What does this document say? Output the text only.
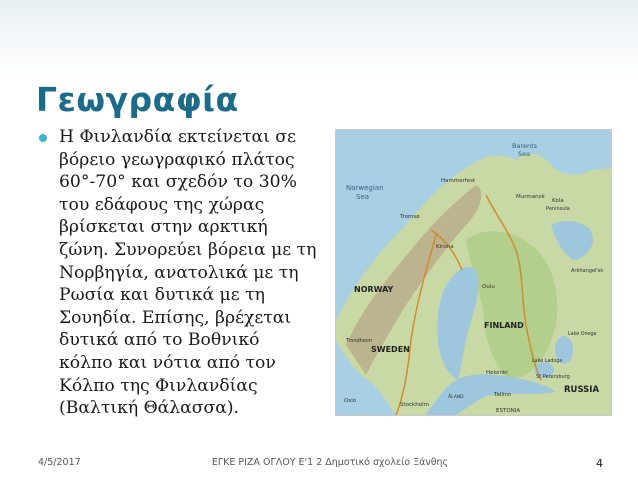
Γεωγραφία
Η Φινλανδία εκτείνεται σε βόρειο γεωγραφικό πλάτος 60°-70° και σχεδόν το 30% του εδάφους της χώρας βρίσκεται στην αρκτική ζώνη. Συνορεύει βόρεια με τη Νορβηγία, ανατολικά με τη Ρωσία και δυτικά με τη Σουηδία. Επίσης, βρέχεται δυτικά από το Βοθνικό κόλπο και νότια από τον Κόλπο της Φινλανδίας (Βαλτική Θάλασσα).
Norwegian
Sea
Barents
Sea
Hammerfest
Tromsø
Murmansk
Kola
Peninsula
Kiruna
Arkhangel'sk
NORWAY
SWEDEN
FINLAND
RUSSIA
Oulu
Helsinki
Tallinn
ESTONIA
St Petersburg
Stockholm
Oslo
Trondheim
Lake Onega
Lake Ladoga
ÅLAND
4/5/2017	ΕΓΚΕ ΡΙΖΑ ΟΓΛΟΥ Ε'1 2 Δημοτικό σχολείο Ξάνθης	4
